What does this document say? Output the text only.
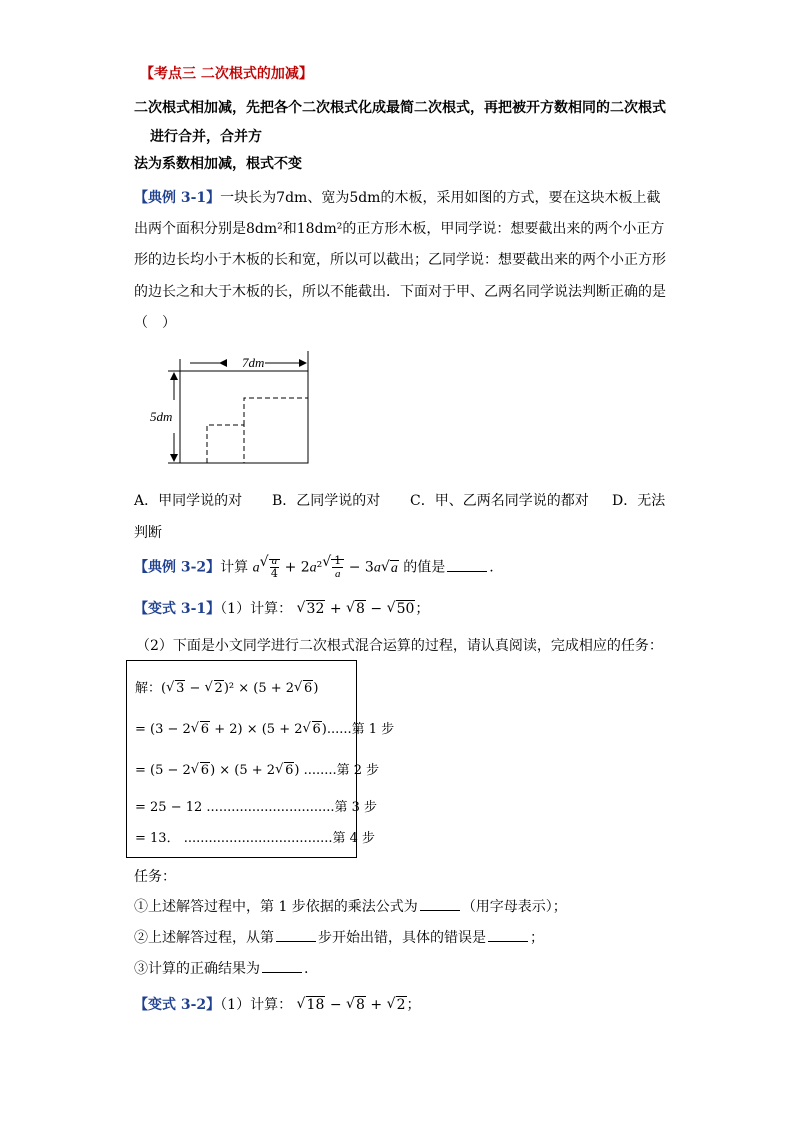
【考点三 二次根式的加减】
二次根式相加减，先把各个二次根式化成最简二次根式，再把被开方数相同的二次根式
进行合并，合并方
法为系数相加减，根式不变
【典例 3-1】一块长为7dm、宽为5dm的木板，采用如图的方式，要在这块木板上截
出两个面积分别是8dm²和18dm²的正方形木板，甲同学说：想要截出来的两个小正方
形的边长均小于木板的长和宽，所以可以截出；乙同学说：想要截出来的两个小正方形
的边长之和大于木板的长，所以不能截出．下面对于甲、乙两名同学说法判断正确的是
（　）
7dm
5dm
A．甲同学说的对 B．乙同学说的对 C．甲、乙两名同学说的都对 D．无法
判断
【典例 3-2】计算 a
√ $\frac{a}{4} + 2a^2$
√ $\frac{1}{a} - 3a√$ a 的值是	.
【变式 3-1】（1）计算： √ 32 + √ 8 − √ 50；
（2）下面是小文同学进行二次根式混合运算的过程，请认真阅读，完成相应的任务：
解：(√ 3 − √ 2)² × (5 + 2√ 6)
= (3 − 2√ 6 + 2) × (5 + 2√ 6)......第 1 步
= (5 − 2√ 6) × (5 + 2√ 6) ........第 2 步
= 25 − 12 ...............................第 3 步
= 13． ....................................第 4 步
任务：
①上述解答过程中，第 1 步依据的乘法公式为	（用字母表示）；
②上述解答过程，从第	步开始出错，具体的错误是	；
③计算的正确结果为	.
【变式 3-2】（1）计算： √ 18 − √ 8 + √ 2；
